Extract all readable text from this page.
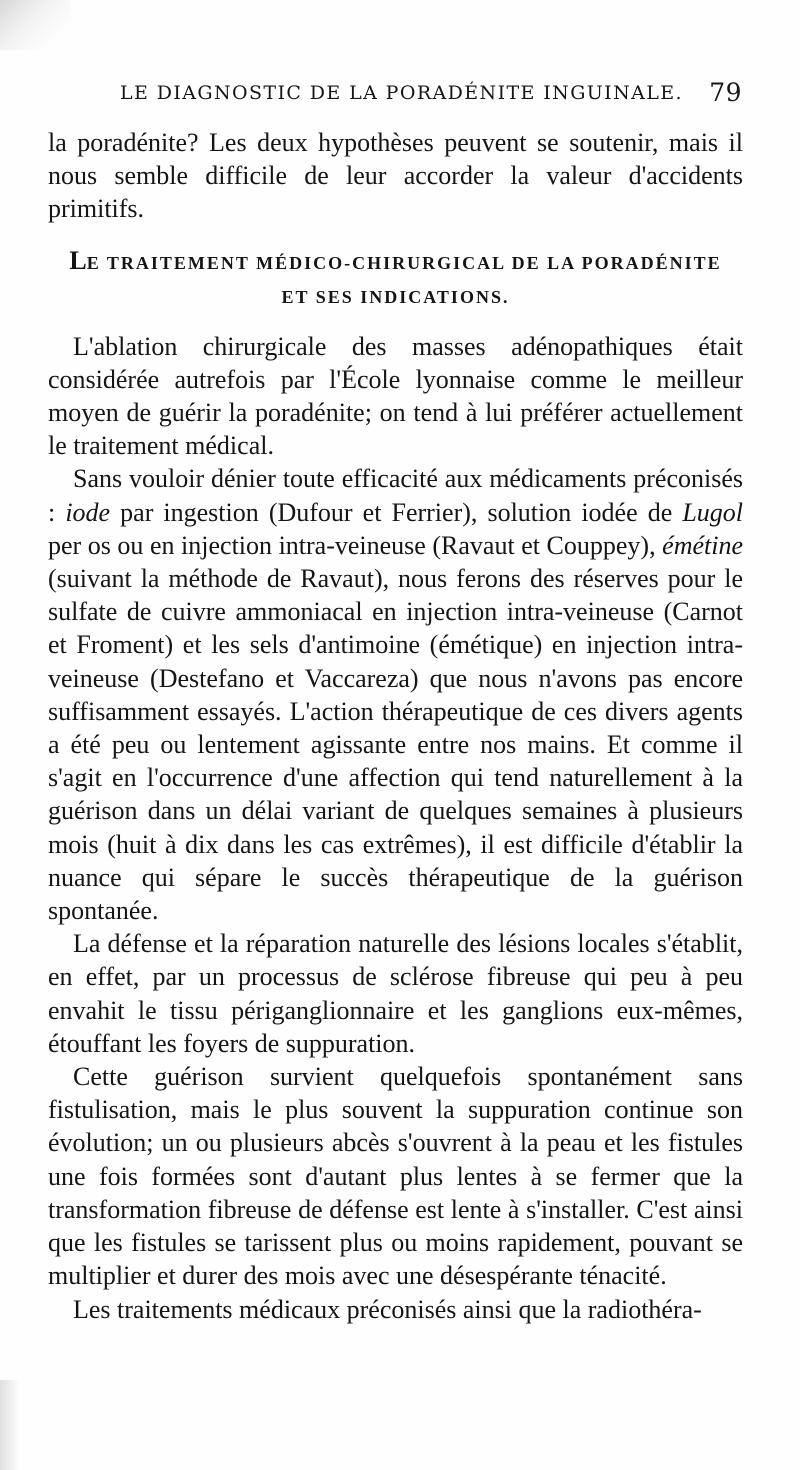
LE DIAGNOSTIC DE LA PORADÉNITE INGUINALE. 79

la poradénite? Les deux hypothèses peuvent se soutenir, mais il nous semble difficile de leur accorder la valeur d'accidents primitifs.

LE TRAITEMENT MÉDICO-CHIRURGICAL DE LA PORADÉNITE
ET SES INDICATIONS.

L'ablation chirurgicale des masses adénopathiques était considérée autrefois par l'École lyonnaise comme le meilleur moyen de guérir la poradénite; on tend à lui préférer actuellement le traitement médical.

Sans vouloir dénier toute efficacité aux médicaments préconisés : iode par ingestion (Dufour et Ferrier), solution iodée de Lugol per os ou en injection intra-veineuse (Ravaut et Couppey), émétine (suivant la méthode de Ravaut), nous ferons des réserves pour le sulfate de cuivre ammoniacal en injection intra-veineuse (Carnot et Froment) et les sels d'antimoine (émétique) en injection intra-veineuse (Destefano et Vaccareza) que nous n'avons pas encore suffisamment essayés. L'action thérapeutique de ces divers agents a été peu ou lentement agissante entre nos mains. Et comme il s'agit en l'occurrence d'une affection qui tend naturellement à la guérison dans un délai variant de quelques semaines à plusieurs mois (huit à dix dans les cas extrêmes), il est difficile d'établir la nuance qui sépare le succès thérapeutique de la guérison spontanée.

La défense et la réparation naturelle des lésions locales s'établit, en effet, par un processus de sclérose fibreuse qui peu à peu envahit le tissu périganglionnaire et les ganglions eux-mêmes, étouffant les foyers de suppuration.

Cette guérison survient quelquefois spontanément sans fistulisation, mais le plus souvent la suppuration continue son évolution; un ou plusieurs abcès s'ouvrent à la peau et les fistules une fois formées sont d'autant plus lentes à se fermer que la transformation fibreuse de défense est lente à s'installer. C'est ainsi que les fistules se tarissent plus ou moins rapidement, pouvant se multiplier et durer des mois avec une désespérante ténacité.

Les traitements médicaux préconisés ainsi que la radiothéra-
